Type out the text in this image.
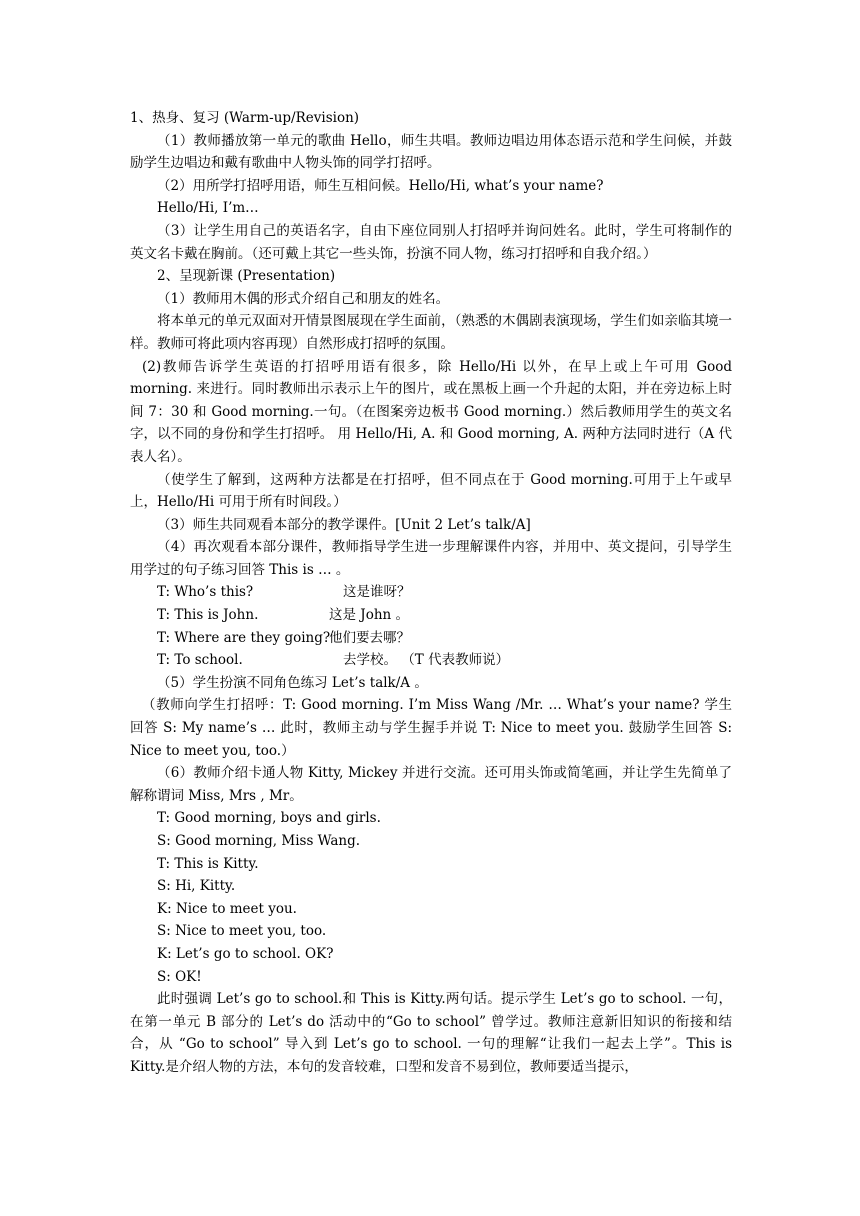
1、热身、复习 (Warm-up/Revision)

（1）教师播放第一单元的歌曲 Hello，师生共唱。教师边唱边用体态语示范和学生问候，并鼓励学生边唱边和戴有歌曲中人物头饰的同学打招呼。

（2）用所学打招呼用语，师生互相问候。Hello/Hi, what’s your name?

Hello/Hi, I’m…

（3）让学生用自己的英语名字，自由下座位同别人打招呼并询问姓名。此时，学生可将制作的英文名卡戴在胸前。（还可戴上其它一些头饰，扮演不同人物，练习打招呼和自我介绍。）

2、呈现新课 (Presentation)

（1）教师用木偶的形式介绍自己和朋友的姓名。

将本单元的单元双面对开情景图展现在学生面前，（熟悉的木偶剧表演现场，学生们如亲临其境一样。教师可将此项内容再现）自然形成打招呼的氛围。

(2)教师告诉学生英语的打招呼用语有很多，除 Hello/Hi 以外，在早上或上午可用 Good morning. 来进行。同时教师出示表示上午的图片，或在黑板上画一个升起的太阳，并在旁边标上时间 7：30 和 Good morning.一句。（在图案旁边板书 Good morning.）然后教师用学生的英文名字，以不同的身份和学生打招呼。 用 Hello/Hi, A. 和 Good morning, A. 两种方法同时进行（A 代表人名）。

（使学生了解到，这两种方法都是在打招呼，但不同点在于 Good morning.可用于上午或早上，Hello/Hi 可用于所有时间段。）

（3）师生共同观看本部分的教学课件。[Unit 2 Let’s talk/A]

（4）再次观看本部分课件，教师指导学生进一步理解课件内容，并用中、英文提问，引导学生用学过的句子练习回答 This is … 。

T: Who’s this?	这是谁呀？

T: This is John.	这是 John 。

T: Where are they going?他们要去哪？

T: To school.	去学校。 （T 代表教师说）

（5）学生扮演不同角色练习 Let’s talk/A 。

（教师向学生打招呼：T: Good morning. I’m Miss Wang /Mr. … What’s your name? 学生回答 S: My name’s … 此时，教师主动与学生握手并说 T: Nice to meet you. 鼓励学生回答 S: Nice to meet you, too.）

（6）教师介绍卡通人物 Kitty, Mickey 并进行交流。还可用头饰或简笔画，并让学生先简单了解称谓词 Miss, Mrs , Mr。

T: Good morning, boys and girls.

S: Good morning, Miss Wang.

T: This is Kitty.

S: Hi, Kitty.

K: Nice to meet you.

S: Nice to meet you, too.

K: Let’s go to school. OK?

S: OK!

此时强调 Let’s go to school.和 This is Kitty.两句话。提示学生 Let’s go to school. 一句，在第一单元 B 部分的 Let’s do 活动中的“Go to school” 曾学过。教师注意新旧知识的衔接和结合，从 “Go to school” 导入到 Let’s go to school. 一句的理解“让我们一起去上学”。This is Kitty.是介绍人物的方法，本句的发音较难，口型和发音不易到位，教师要适当提示，
